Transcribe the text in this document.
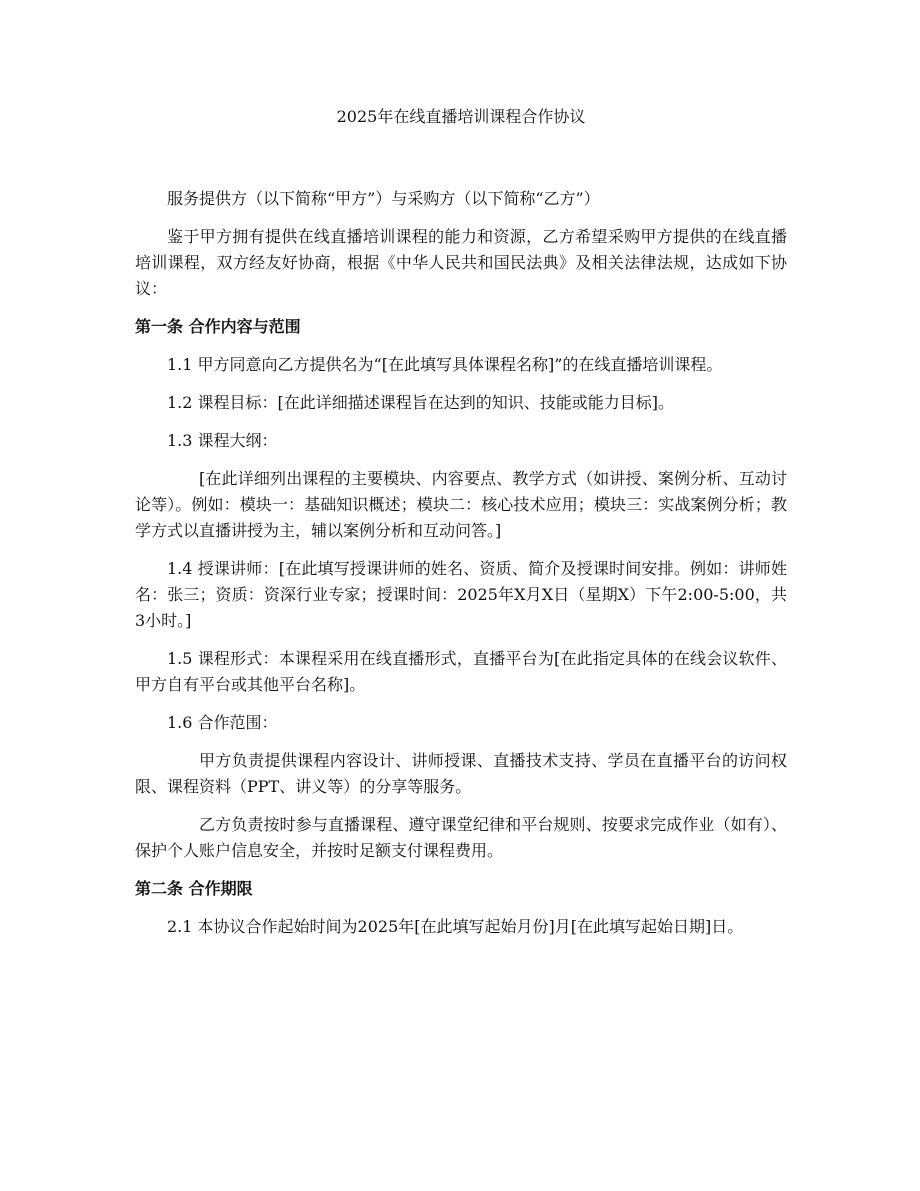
2025年在线直播培训课程合作协议

服务提供方（以下简称“甲方”）与采购方（以下简称“乙方”）

鉴于甲方拥有提供在线直播培训课程的能力和资源，乙方希望采购甲方提供的在线直播培训课程，双方经友好协商，根据《中华人民共和国民法典》及相关法律法规，达成如下协议：

第一条 合作内容与范围

1.1 甲方同意向乙方提供名为“[在此填写具体课程名称]”的在线直播培训课程。

1.2 课程目标：[在此详细描述课程旨在达到的知识、技能或能力目标]。

1.3 课程大纲：

[在此详细列出课程的主要模块、内容要点、教学方式（如讲授、案例分析、互动讨论等）。例如：模块一：基础知识概述；模块二：核心技术应用；模块三：实战案例分析；教学方式以直播讲授为主，辅以案例分析和互动问答。]

1.4 授课讲师：[在此填写授课讲师的姓名、资质、简介及授课时间安排。例如：讲师姓名：张三；资质：资深行业专家；授课时间：2025年X月X日（星期X）下午2:00-5:00，共3小时。]

1.5 课程形式：本课程采用在线直播形式，直播平台为[在此指定具体的在线会议软件、甲方自有平台或其他平台名称]。

1.6 合作范围：

甲方负责提供课程内容设计、讲师授课、直播技术支持、学员在直播平台的访问权限、课程资料（PPT、讲义等）的分享等服务。

乙方负责按时参与直播课程、遵守课堂纪律和平台规则、按要求完成作业（如有）、保护个人账户信息安全，并按时足额支付课程费用。

第二条 合作期限

2.1 本协议合作起始时间为2025年[在此填写起始月份]月[在此填写起始日期]日。
